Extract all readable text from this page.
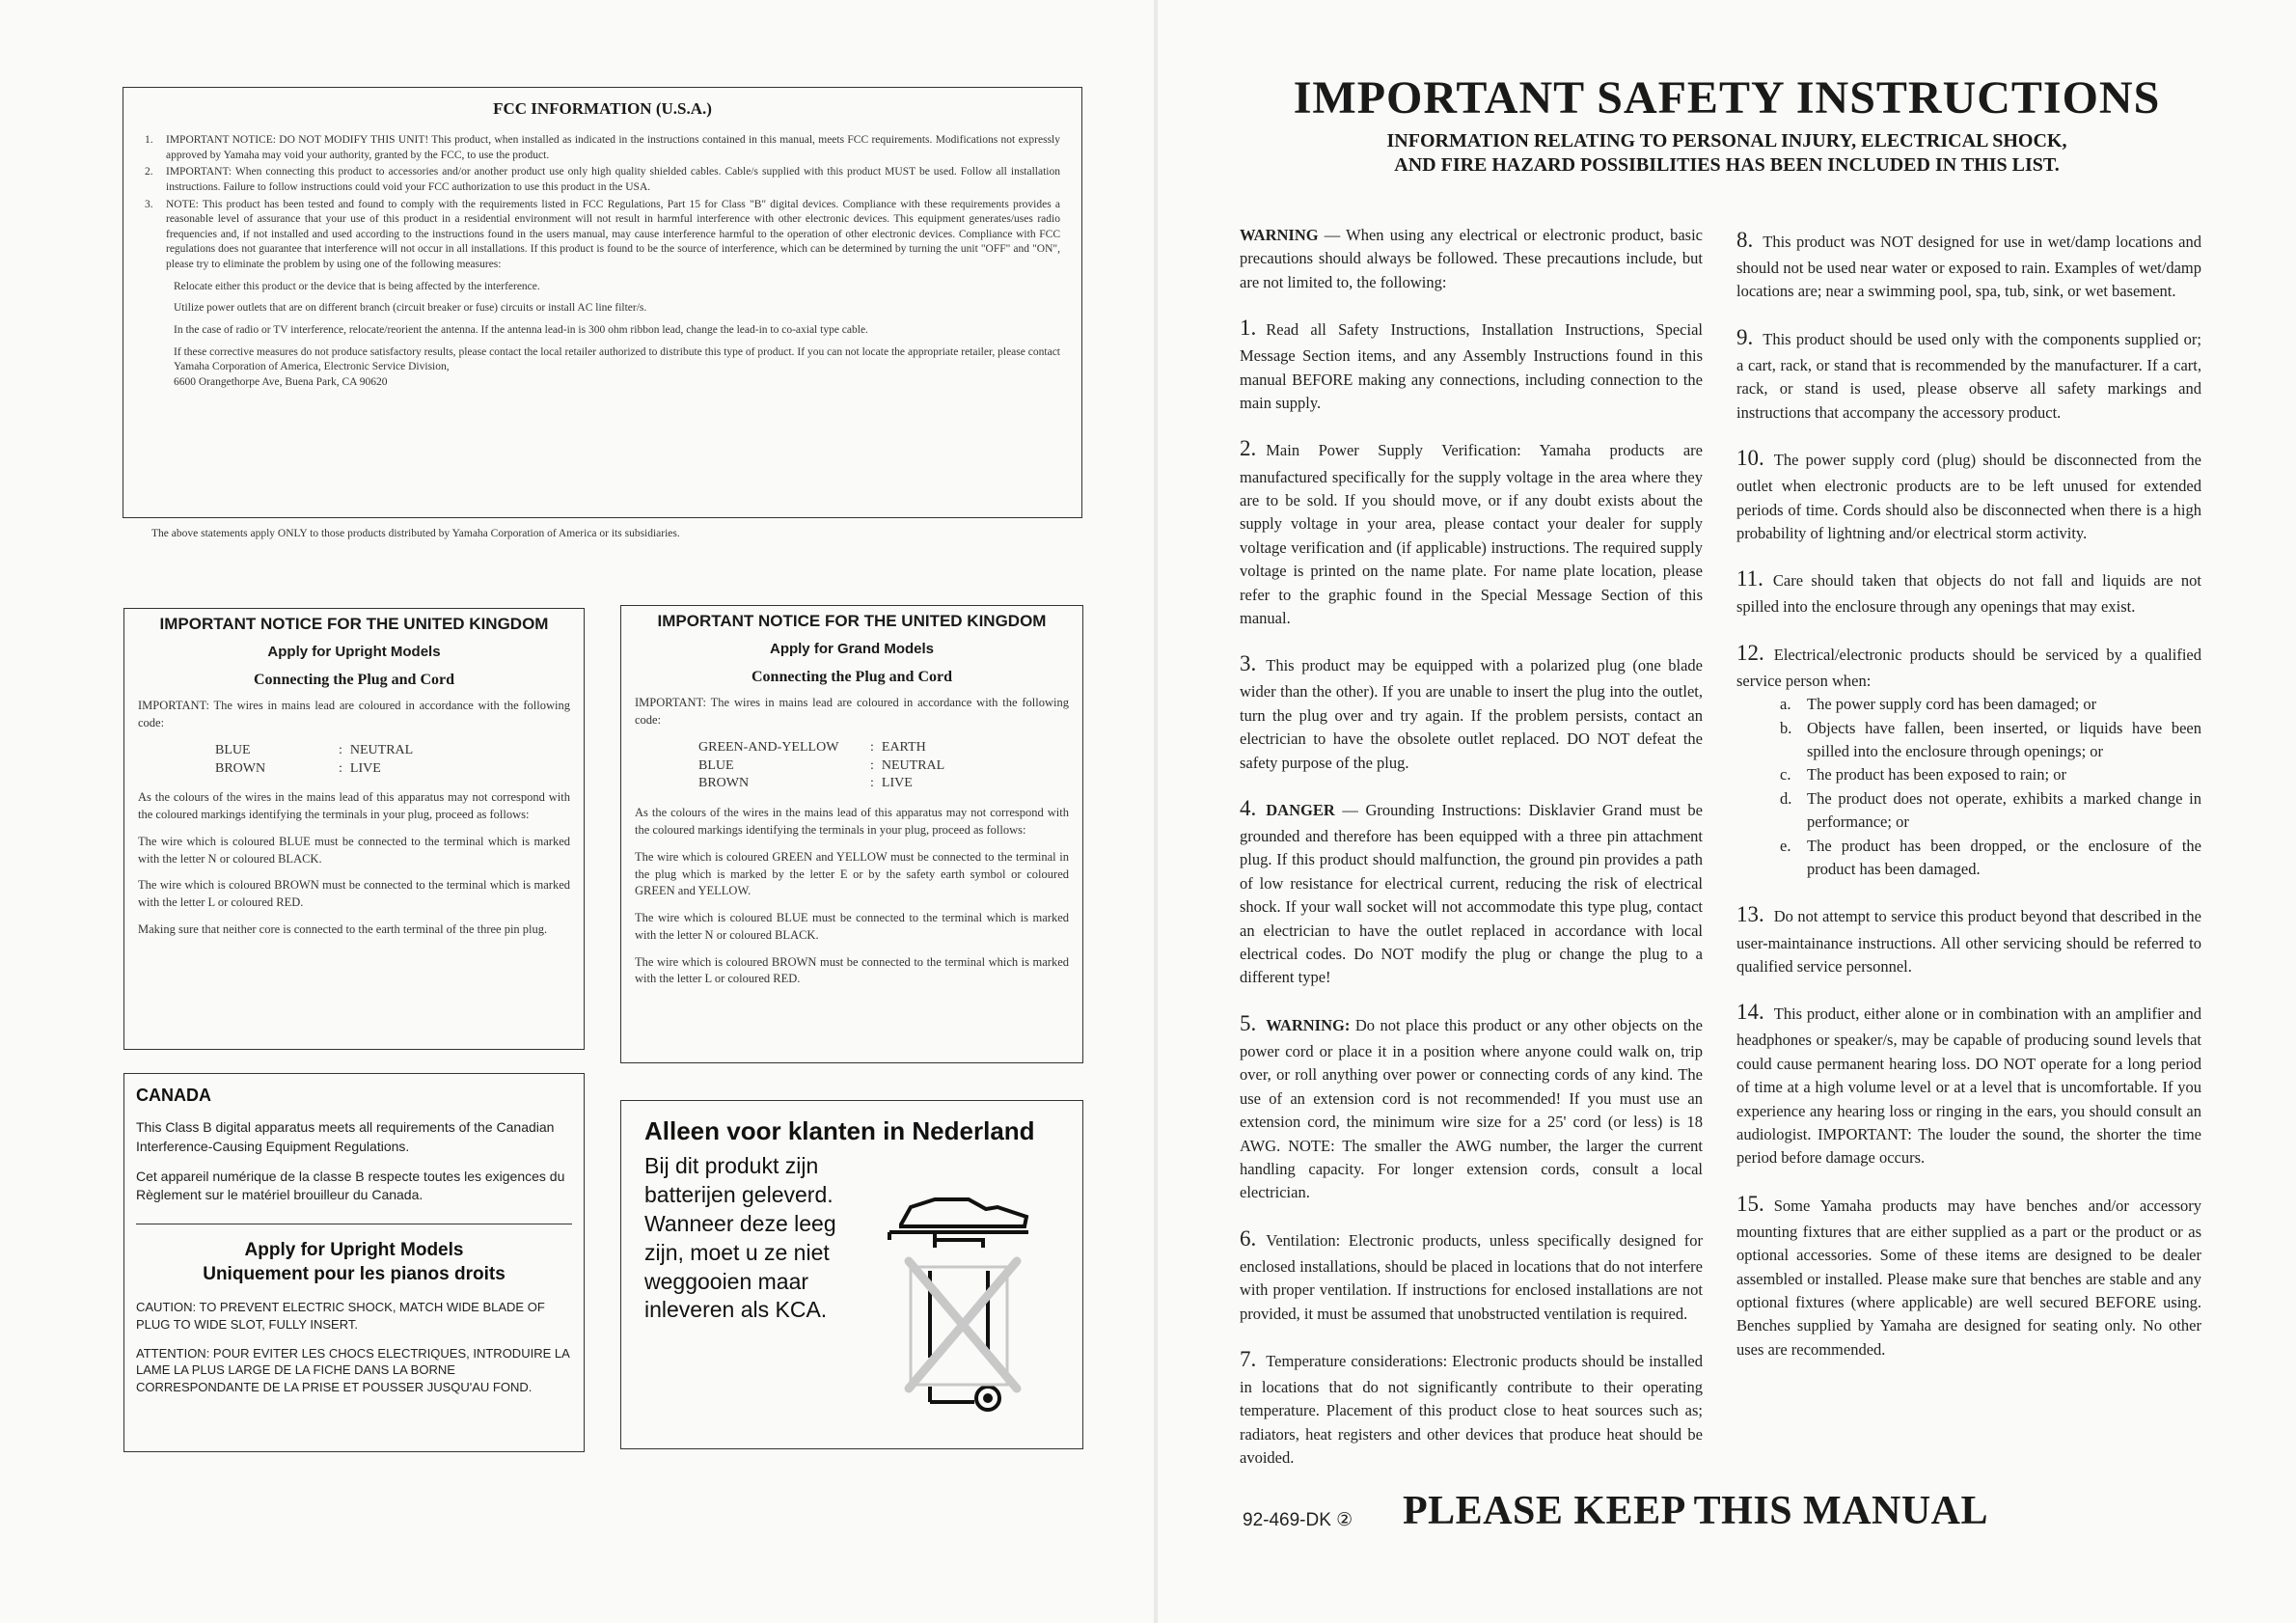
FCC INFORMATION (U.S.A.)
1.	IMPORTANT NOTICE: DO NOT MODIFY THIS UNIT! This product, when installed as indicated in the instructions contained in this manual, meets FCC requirements. Modifications not expressly approved by Yamaha may void your authority, granted by the FCC, to use the product.
2.	IMPORTANT: When connecting this product to accessories and/or another product use only high quality shielded cables. Cable/s supplied with this product MUST be used. Follow all installation instructions. Failure to follow instructions could void your FCC authorization to use this product in the USA.
3.	NOTE: This product has been tested and found to comply with the requirements listed in FCC Regulations, Part 15 for Class "B" digital devices. Compliance with these requirements provides a reasonable level of assurance that your use of this product in a residential environment will not result in harmful interference with other electronic devices. This equipment generates/uses radio frequencies and, if not installed and used according to the instructions found in the users manual, may cause interference harmful to the operation of other electronic devices. Compliance with FCC regulations does not guarantee that interference will not occur in all installations. If this product is found to be the source of interference, which can be determined by turning the unit "OFF" and "ON", please try to eliminate the problem by using one of the following measures:

Relocate either this product or the device that is being affected by the interference.

Utilize power outlets that are on different branch (circuit breaker or fuse) circuits or install AC line filter/s.

In the case of radio or TV interference, relocate/reorient the antenna. If the antenna lead-in is 300 ohm ribbon lead, change the lead-in to co-axial type cable.

If these corrective measures do not produce satisfactory results, please contact the local retailer authorized to distribute this type of product. If you can not locate the appropriate retailer, please contact Yamaha Corporation of America, Electronic Service Division,

6600 Orangethorpe Ave, Buena Park, CA 90620

The above statements apply ONLY to those products distributed by Yamaha Corporation of America or its subsidiaries.
IMPORTANT NOTICE FOR THE UNITED KINGDOM
Apply for Upright Models
Connecting the Plug and Cord

IMPORTANT: The wires in mains lead are coloured in accordance with the following code:

BLUE	:	NEUTRAL
BROWN	:	LIVE

As the colours of the wires in the mains lead of this apparatus may not correspond with the coloured markings identifying the terminals in your plug, proceed as follows:

The wire which is coloured BLUE must be connected to the terminal which is marked with the letter N or coloured BLACK.

The wire which is coloured BROWN must be connected to the terminal which is marked with the letter L or coloured RED.

Making sure that neither core is connected to the earth terminal of the three pin plug.

IMPORTANT NOTICE FOR THE UNITED KINGDOM
Apply for Grand Models
Connecting the Plug and Cord

IMPORTANT: The wires in mains lead are coloured in accordance with the following code:

GREEN-AND-YELLOW	:	EARTH
BLUE	:	NEUTRAL
BROWN	:	LIVE

As the colours of the wires in the mains lead of this apparatus may not correspond with the coloured markings identifying the terminals in your plug, proceed as follows:

The wire which is coloured GREEN and YELLOW must be connected to the terminal in the plug which is marked by the letter E or by the safety earth symbol or coloured GREEN and YELLOW.

The wire which is coloured BLUE must be connected to the terminal which is marked with the letter N or coloured BLACK.

The wire which is coloured BROWN must be connected to the terminal which is marked with the letter L or coloured RED.

CANADA

This Class B digital apparatus meets all requirements of the Canadian Interference-Causing Equipment Regulations.

Cet appareil numérique de la classe B respecte toutes les exigences du Règlement sur le matériel brouilleur du Canada.

Apply for Upright Models
Uniquement pour les pianos droits

CAUTION: TO PREVENT ELECTRIC SHOCK, MATCH WIDE BLADE OF PLUG TO WIDE SLOT, FULLY INSERT.

ATTENTION: POUR EVITER LES CHOCS ELECTRIQUES, INTRODUIRE LA LAME LA PLUS LARGE DE LA FICHE DANS LA BORNE CORRESPONDANTE DE LA PRISE ET POUSSER JUSQU'AU FOND.

Alleen voor klanten in Nederland
Bij dit produkt zijn batterijen geleverd. Wanneer deze leeg zijn, moet u ze niet weggooien maar inleveren als KCA.
IMPORTANT SAFETY INSTRUCTIONS
INFORMATION RELATING TO PERSONAL INJURY, ELECTRICAL SHOCK,
AND FIRE HAZARD POSSIBILITIES HAS BEEN INCLUDED IN THIS LIST.

WARNING — When using any electrical or electronic product, basic precautions should always be followed. These precautions include, but are not limited to, the following:

1. Read all Safety Instructions, Installation Instructions, Special Message Section items, and any Assembly Instructions found in this manual BEFORE making any connections, including connection to the main supply.

2. Main Power Supply Verification: Yamaha products are manufactured specifically for the supply voltage in the area where they are to be sold. If you should move, or if any doubt exists about the supply voltage in your area, please contact your dealer for supply voltage verification and (if applicable) instructions. The required supply voltage is printed on the name plate. For name plate location, please refer to the graphic found in the Special Message Section of this manual.

3. This product may be equipped with a polarized plug (one blade wider than the other). If you are unable to insert the plug into the outlet, turn the plug over and try again. If the problem persists, contact an electrician to have the obsolete outlet replaced. DO NOT defeat the safety purpose of the plug.

4. DANGER — Grounding Instructions: Disklavier Grand must be grounded and therefore has been equipped with a three pin attachment plug. If this product should malfunction, the ground pin provides a path of low resistance for electrical current, reducing the risk of electrical shock. If your wall socket will not accommodate this type plug, contact an electrician to have the outlet replaced in accordance with local electrical codes. Do NOT modify the plug or change the plug to a different type!

5. WARNING: Do not place this product or any other objects on the power cord or place it in a position where anyone could walk on, trip over, or roll anything over power or connecting cords of any kind. The use of an extension cord is not recommended! If you must use an extension cord, the minimum wire size for a 25' cord (or less) is 18 AWG. NOTE: The smaller the AWG number, the larger the current handling capacity. For longer extension cords, consult a local electrician.

6. Ventilation: Electronic products, unless specifically designed for enclosed installations, should be placed in locations that do not interfere with proper ventilation. If instructions for enclosed installations are not provided, it must be assumed that unobstructed ventilation is required.

7. Temperature considerations: Electronic products should be installed in locations that do not significantly contribute to their operating temperature. Placement of this product close to heat sources such as; radiators, heat registers and other devices that produce heat should be avoided.

8. This product was NOT designed for use in wet/damp locations and should not be used near water or exposed to rain. Examples of wet/damp locations are; near a swimming pool, spa, tub, sink, or wet basement.

9. This product should be used only with the components supplied or; a cart, rack, or stand that is recommended by the manufacturer. If a cart, rack, or stand is used, please observe all safety markings and instructions that accompany the accessory product.

10. The power supply cord (plug) should be disconnected from the outlet when electronic products are to be left unused for extended periods of time. Cords should also be disconnected when there is a high probability of lightning and/or electrical storm activity.

11. Care should taken that objects do not fall and liquids are not spilled into the enclosure through any openings that may exist.

12. Electrical/electronic products should be serviced by a qualified service person when:

a.	The power supply cord has been damaged; or
b. Objects have fallen, been inserted, or liquids have been spilled into the enclosure through openings; or
c.	The product has been exposed to rain; or
d. The product does not operate, exhibits a marked change in performance; or
e.	The product has been dropped, or the enclosure of the product has been damaged.

13. Do not attempt to service this product beyond that described in the user-maintainance instructions. All other servicing should be referred to qualified service personnel.

14. This product, either alone or in combination with an amplifier and headphones or speaker/s, may be capable of producing sound levels that could cause permanent hearing loss. DO NOT operate for a long period of time at a high volume level or at a level that is uncomfortable. If you experience any hearing loss or ringing in the ears, you should consult an audiologist. IMPORTANT: The louder the sound, the shorter the time period before damage occurs.

15. Some Yamaha products may have benches and/or accessory mounting fixtures that are either supplied as a part or the product or as optional accessories. Some of these items are designed to be dealer assembled or installed. Please make sure that benches are stable and any optional fixtures (where applicable) are well secured BEFORE using. Benches supplied by Yamaha are designed for seating only. No other uses are recommended.

92-469-DK ② PLEASE KEEP THIS MANUAL
